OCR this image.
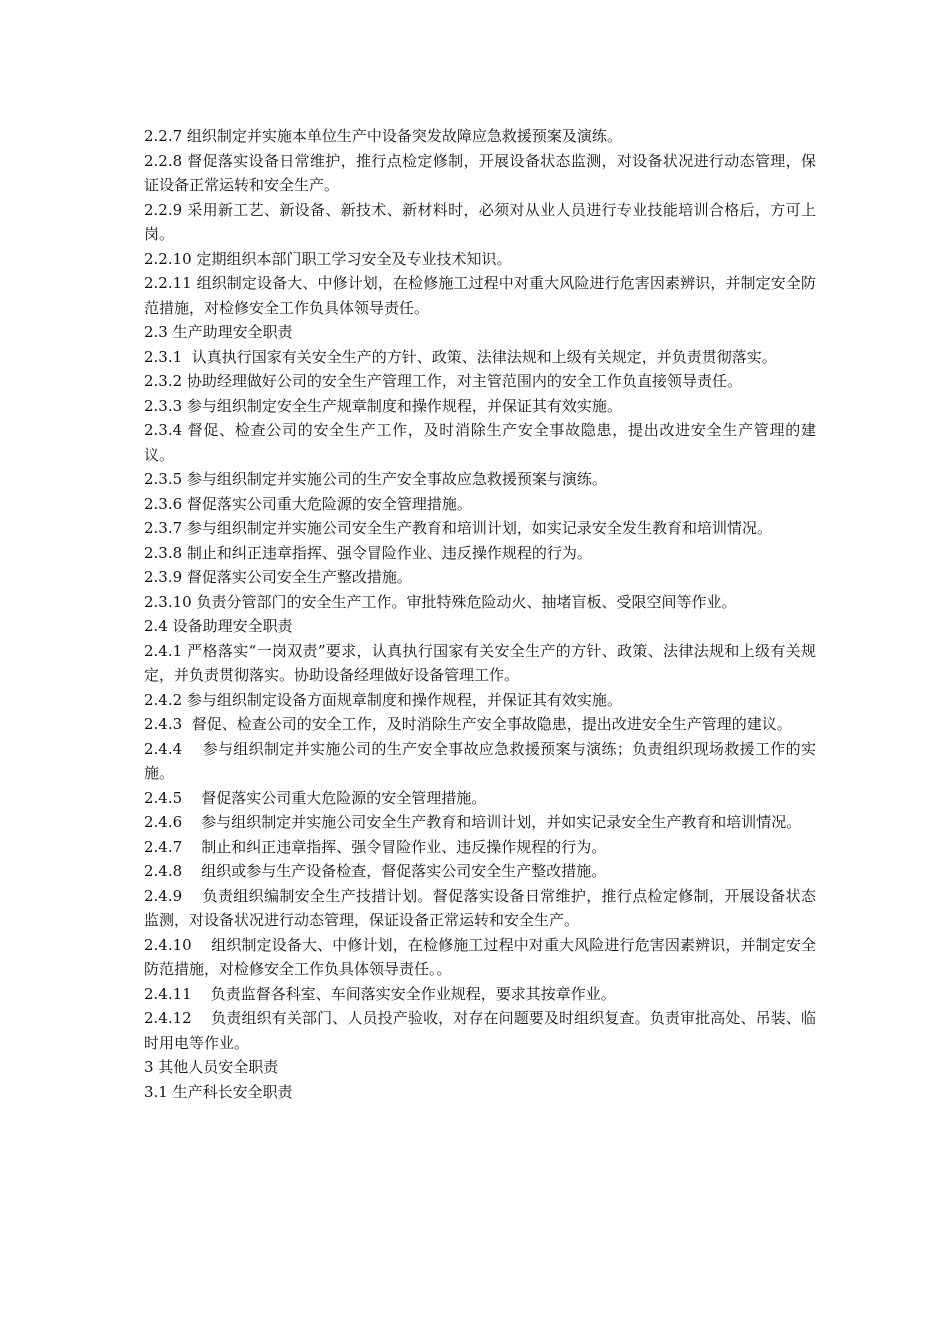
2.2.7 组织制定并实施本单位生产中设备突发故障应急救援预案及演练。

2.2.8 督促落实设备日常维护，推行点检定修制，开展设备状态监测，对设备状况进行动态管理，保证设备正常运转和安全生产。

2.2.9 采用新工艺、新设备、新技术、新材料时，必须对从业人员进行专业技能培训合格后，方可上岗。

2.2.10 定期组织本部门职工学习安全及专业技术知识。

2.2.11 组织制定设备大、中修计划，在检修施工过程中对重大风险进行危害因素辨识，并制定安全防范措施，对检修安全工作负具体领导责任。

2.3 生产助理安全职责

2.3.1  认真执行国家有关安全生产的方针、政策、法律法规和上级有关规定，并负责贯彻落实。

2.3.2 协助经理做好公司的安全生产管理工作，对主管范围内的安全工作负直接领导责任。

2.3.3 参与组织制定安全生产规章制度和操作规程，并保证其有效实施。

2.3.4 督促、检查公司的安全生产工作，及时消除生产安全事故隐患，提出改进安全生产管理的建议。

2.3.5 参与组织制定并实施公司的生产安全事故应急救援预案与演练。

2.3.6 督促落实公司重大危险源的安全管理措施。

2.3.7 参与组织制定并实施公司安全生产教育和培训计划，如实记录安全发生教育和培训情况。

2.3.8 制止和纠正违章指挥、强令冒险作业、违反操作规程的行为。

2.3.9 督促落实公司安全生产整改措施。

2.3.10 负责分管部门的安全生产工作。审批特殊危险动火、抽堵盲板、受限空间等作业。

2.4 设备助理安全职责

2.4.1 严格落实“一岗双责”要求，认真执行国家有关安全生产的方针、政策、法律法规和上级有关规定，并负责贯彻落实。协助设备经理做好设备管理工作。

2.4.2 参与组织制定设备方面规章制度和操作规程，并保证其有效实施。

2.4.3  督促、检查公司的安全工作，及时消除生产安全事故隐患，提出改进安全生产管理的建议。

2.4.4    参与组织制定并实施公司的生产安全事故应急救援预案与演练；负责组织现场救援工作的实施。

2.4.5    督促落实公司重大危险源的安全管理措施。

2.4.6    参与组织制定并实施公司安全生产教育和培训计划，并如实记录安全生产教育和培训情况。

2.4.7    制止和纠正违章指挥、强令冒险作业、违反操作规程的行为。

2.4.8    组织或参与生产设备检查，督促落实公司安全生产整改措施。

2.4.9    负责组织编制安全生产技措计划。督促落实设备日常维护，推行点检定修制，开展设备状态监测，对设备状况进行动态管理，保证设备正常运转和安全生产。

2.4.10    组织制定设备大、中修计划，在检修施工过程中对重大风险进行危害因素辨识，并制定安全防范措施，对检修安全工作负具体领导责任。。

2.4.11    负责监督各科室、车间落实安全作业规程，要求其按章作业。

2.4.12    负责组织有关部门、人员投产验收，对存在问题要及时组织复查。负责审批高处、吊装、临时用电等作业。

3 其他人员安全职责

3.1 生产科长安全职责
